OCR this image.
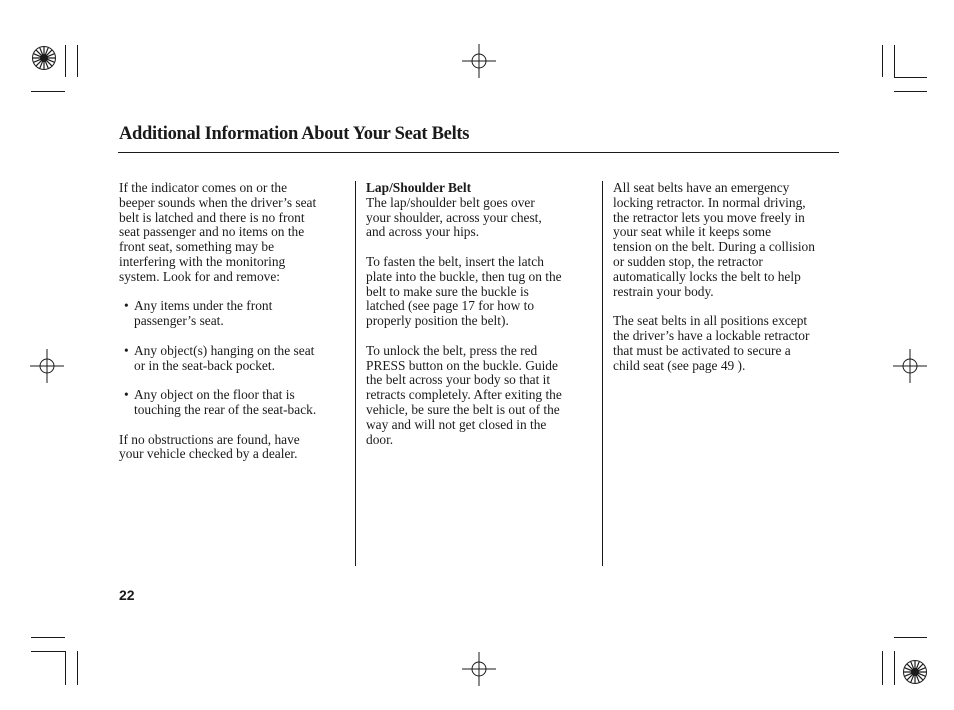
Additional Information About Your Seat Belts

If the indicator comes on or the
beeper sounds when the driver’s seat
belt is latched and there is no front
seat passenger and no items on the
front seat, something may be
interfering with the monitoring
system. Look for and remove:

• Any items under the front
passenger’s seat.
• Any object(s) hanging on the seat
or in the seat-back pocket.
• Any object on the floor that is
touching the rear of the seat-back.

If no obstructions are found, have
your vehicle checked by a dealer.

Lap/Shoulder Belt
The lap/shoulder belt goes over
your shoulder, across your chest,
and across your hips.

To fasten the belt, insert the latch
plate into the buckle, then tug on the
belt to make sure the buckle is
latched (see page 17 for how to
properly position the belt).

To unlock the belt, press the red
PRESS button on the buckle. Guide
the belt across your body so that it
retracts completely. After exiting the
vehicle, be sure the belt is out of the
way and will not get closed in the
door.

All seat belts have an emergency
locking retractor. In normal driving,
the retractor lets you move freely in
your seat while it keeps some
tension on the belt. During a collision
or sudden stop, the retractor
automatically locks the belt to help
restrain your body.

The seat belts in all positions except
the driver’s have a lockable retractor
that must be activated to secure a
child seat (see page 49 ).

22
